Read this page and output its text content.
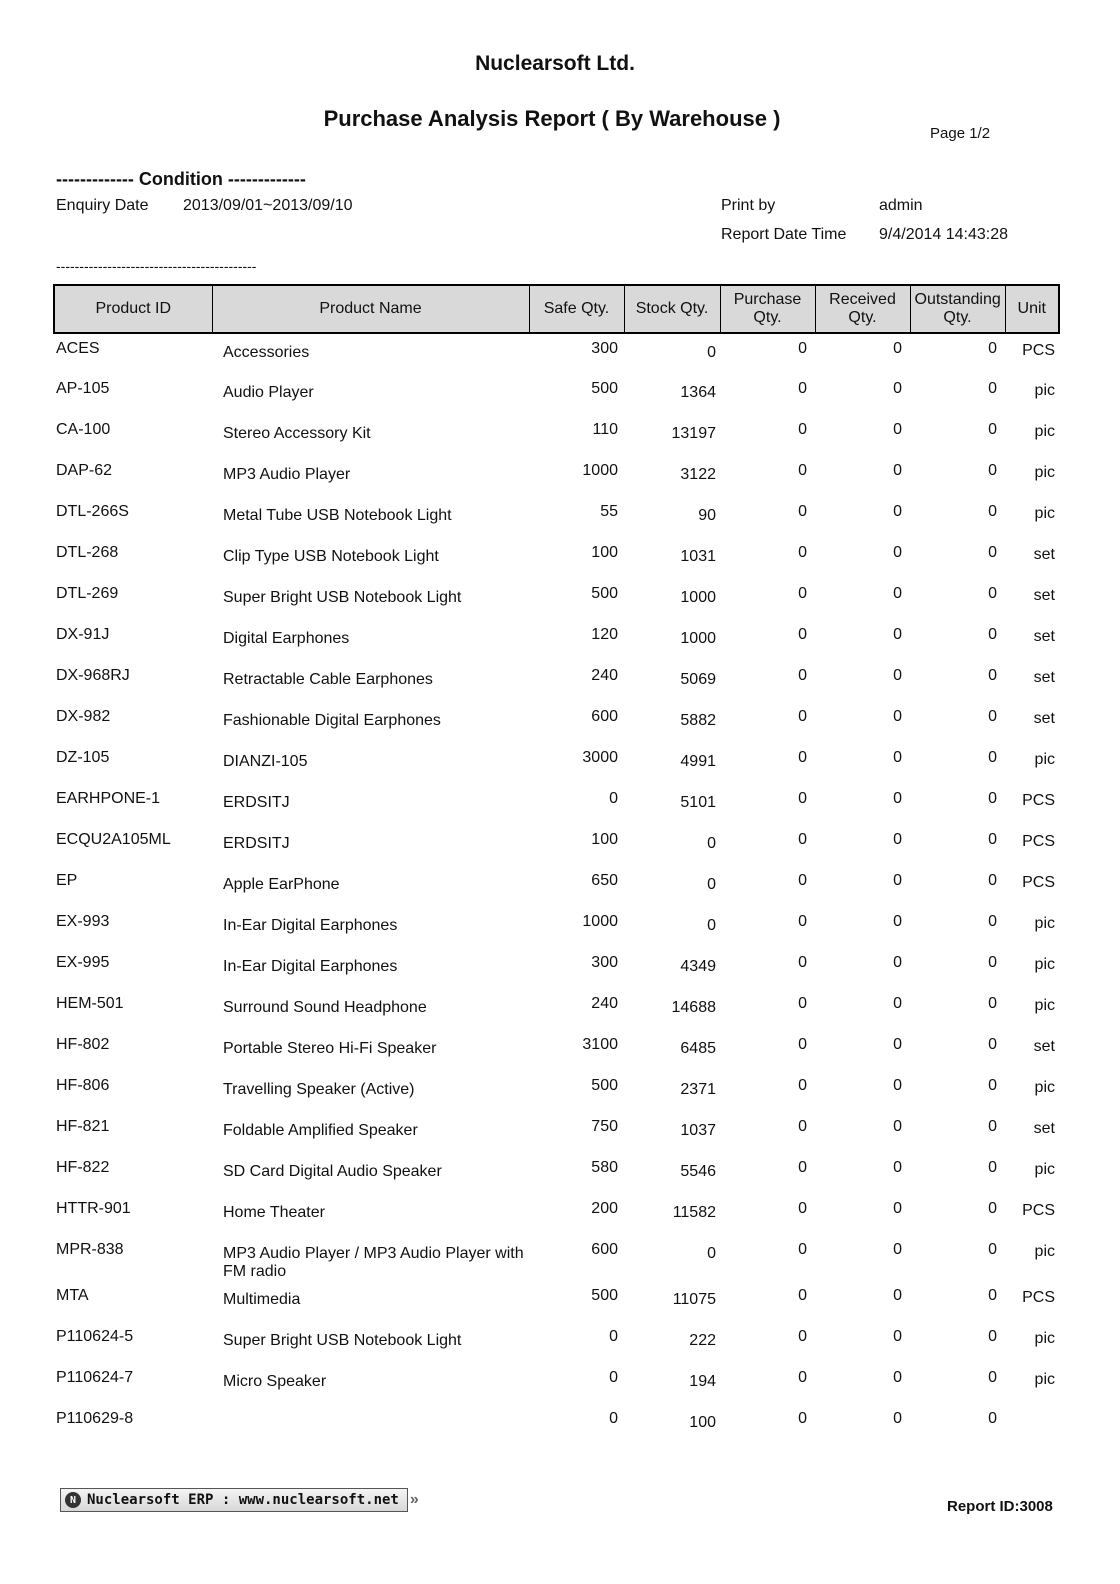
Nuclearsoft Ltd.
Purchase Analysis Report ( By Warehouse )
Page 1/2
------------- Condition -------------
Enquiry Date 2013/09/01~2013/09/10	Print by	admin
Report Date Time 9/4/2014 14:43:28
-------------------------------------------
Product ID	Product Name	Safe Qty.	Stock Qty.	Purchase Qty.	Received Qty.	Outstanding Qty.	Unit
ACES	Accessories	300	0	0	0	0	PCS
AP-105	Audio Player	500	1364	0	0	0	pic
CA-100	Stereo Accessory Kit	110	13197	0	0	0	pic
DAP-62	MP3 Audio Player	1000	3122	0	0	0	pic
DTL-266S	Metal Tube USB Notebook Light	55	90	0	0	0	pic
DTL-268	Clip Type USB Notebook Light	100	1031	0	0	0	set
DTL-269	Super Bright USB Notebook Light	500	1000	0	0	0	set
DX-91J	Digital Earphones	120	1000	0	0	0	set
DX-968RJ	Retractable Cable Earphones	240	5069	0	0	0	set
DX-982	Fashionable Digital Earphones	600	5882	0	0	0	set
DZ-105	DIANZI-105	3000	4991	0	0	0	pic
EARHPONE-1	ERDSITJ	0	5101	0	0	0	PCS
ECQU2A105ML	ERDSITJ	100	0	0	0	0	PCS
EP	Apple EarPhone	650	0	0	0	0	PCS
EX-993	In-Ear Digital Earphones	1000	0	0	0	0	pic
EX-995	In-Ear Digital Earphones	300	4349	0	0	0	pic
HEM-501	Surround Sound Headphone	240	14688	0	0	0	pic
HF-802	Portable Stereo Hi-Fi Speaker	3100	6485	0	0	0	set
HF-806	Travelling Speaker (Active)	500	2371	0	0	0	pic
HF-821	Foldable Amplified Speaker	750	1037	0	0	0	set
HF-822	SD Card Digital Audio Speaker	580	5546	0	0	0	pic
HTTR-901	Home Theater	200	11582	0	0	0	PCS
MPR-838	MP3 Audio Player / MP3 Audio Player with FM radio	600	0	0	0	0	pic
MTA	Multimedia	500	11075	0	0	0	PCS
P110624-5	Super Bright USB Notebook Light	0	222	0	0	0	pic
P110624-7	Micro Speaker	0	194	0	0	0	pic
P110629-8		0	100	0	0	0	
N Nuclearsoft ERP : www.nuclearsoft.net »	Report ID:3008
